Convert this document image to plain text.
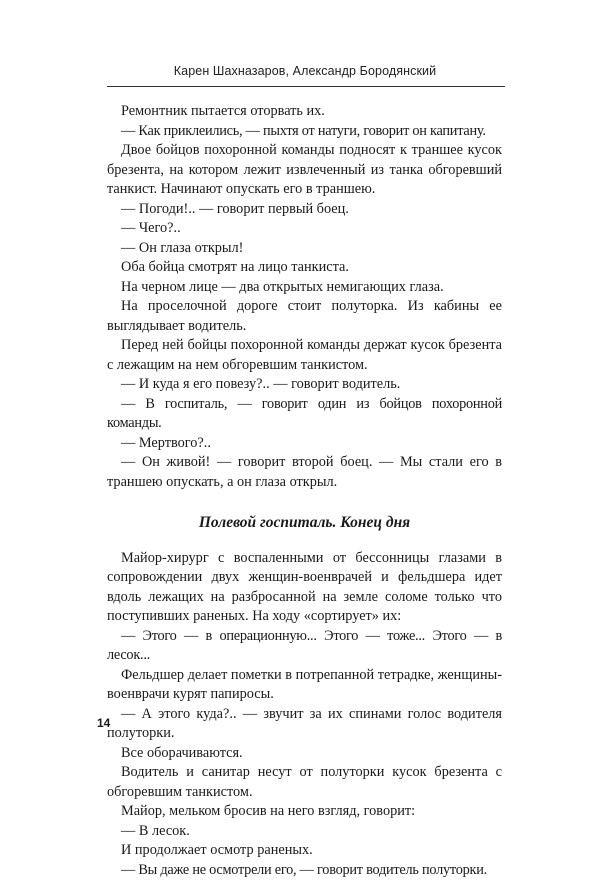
Карен Шахназаров, Александр Бородянский

Ремонтник пытается оторвать их.

— Как приклеились, — пыхтя от натуги, говорит он капитану.

Двое бойцов похоронной команды подносят к траншее кусок брезента, на котором лежит извлеченный из танка обгоревший танкист. Начинают опускать его в траншею.

— Погоди!.. — говорит первый боец.

— Чего?..

— Он глаза открыл!

Оба бойца смотрят на лицо танкиста.

На черном лице — два открытых немигающих глаза.

На проселочной дороге стоит полуторка. Из кабины ее выглядывает водитель.

Перед ней бойцы похоронной команды держат кусок брезента с лежащим на нем обгоревшим танкистом.

— И куда я его повезу?.. — говорит водитель.

— В госпиталь, — говорит один из бойцов похоронной команды.

— Мертвого?..

— Он живой! — говорит второй боец. — Мы стали его в траншею опускать, а он глаза открыл.

Полевой госпиталь. Конец дня

Майор-хирург с воспаленными от бессонницы глазами в сопровождении двух женщин-военврачей и фельдшера идет вдоль лежащих на разбросанной на земле соломе только что поступивших раненых. На ходу «сортирует» их:

— Этого — в операционную... Этого — тоже... Этого — в лесок...

Фельдшер делает пометки в потрепанной тетрадке, женщины-военврачи курят папиросы.

— А этого куда?.. — звучит за их спинами голос водителя полуторки.

Все оборачиваются.

Водитель и санитар несут от полуторки кусок брезента с обгоревшим танкистом.

Майор, мельком бросив на него взгляд, говорит:

— В лесок.

И продолжает осмотр раненых.

— Вы даже не осмотрели его, — говорит водитель полуторки.

14
